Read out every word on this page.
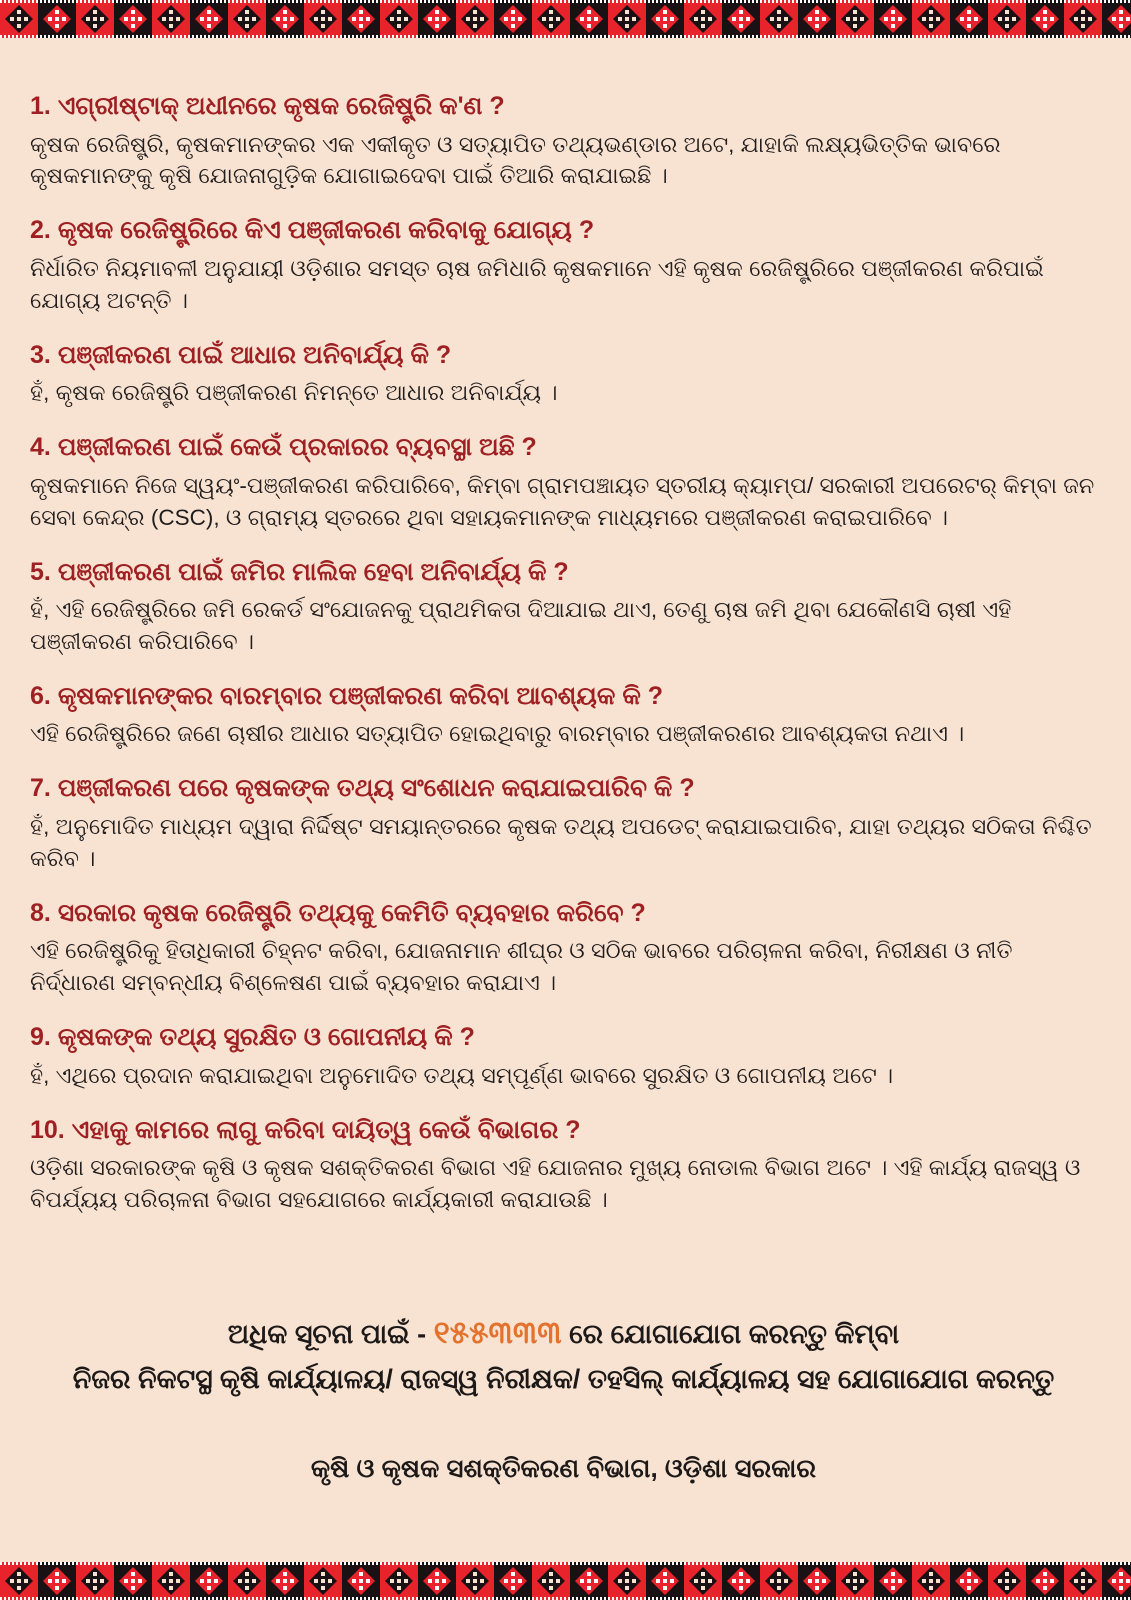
1. ଏଗ୍ରୀଷ୍ଟାକ୍ ଅଧୀନରେ କୃଷକ ରେଜିଷ୍ଟ୍ରି କ'ଣ ?

କୃଷକ ରେଜିଷ୍ଟ୍ରି, କୃଷକମାନଙ୍କର ଏକ ଏକୀକୃତ ଓ ସତ୍ୟାପିତ ତଥ୍ୟଭଣ୍ଡାର ଅଟେ, ଯାହାକି ଲକ୍ଷ୍ୟଭିତ୍ତିକ ଭାବରେ କୃଷକମାନଙ୍କୁ କୃଷି ଯୋଜନାଗୁଡ଼ିକ ଯୋଗାଇଦେବା ପାଇଁ ତିଆରି କରାଯାଇଛି ।

2. କୃଷକ ରେଜିଷ୍ଟ୍ରିରେ କିଏ ପଞ୍ଜୀକରଣ କରିବାକୁ ଯୋଗ୍ୟ ?

ନିର୍ଧାରିତ ନିୟମାବଳୀ ଅନୁଯାୟୀ ଓଡ଼ିଶାର ସମସ୍ତ ଚାଷ ଜମିଧାରି କୃଷକମାନେ ଏହି କୃଷକ ରେଜିଷ୍ଟ୍ରିରେ ପଞ୍ଜୀକରଣ କରିପାଇଁ ଯୋଗ୍ୟ ଅଟନ୍ତି ।

3. ପଞ୍ଜୀକରଣ ପାଇଁ ଆଧାର ଅନିବାର୍ଯ୍ୟ କି ?

ହଁ, କୃଷକ ରେଜିଷ୍ଟ୍ରି ପଞ୍ଜୀକରଣ ନିମନ୍ତେ ଆଧାର ଅନିବାର୍ଯ୍ୟ ।

4. ପଞ୍ଜୀକରଣ ପାଇଁ କେଉଁ ପ୍ରକାରର ବ୍ୟବସ୍ଥା ଅଛି ?

କୃଷକମାନେ ନିଜେ ସ୍ୱୟଂ-ପଞ୍ଜୀକରଣ କରିପାରିବେ, କିମ୍ବା ଗ୍ରାମପଞ୍ଚାୟତ ସ୍ତରୀୟ କ୍ୟାମ୍ପ/ ସରକାରୀ ଅପରେଟର୍ କିମ୍ବା ଜନ ସେବା କେନ୍ଦ୍ର (CSC), ଓ ଗ୍ରାମ୍ୟ ସ୍ତରରେ ଥିବା ସହାୟକମାନଙ୍କ ମାଧ୍ୟମରେ ପଞ୍ଜୀକରଣ କରାଇପାରିବେ ।

5. ପଞ୍ଜୀକରଣ ପାଇଁ ଜମିର ମାଲିକ ହେବା ଅନିବାର୍ଯ୍ୟ କି ?

ହଁ, ଏହି ରେଜିଷ୍ଟ୍ରିରେ ଜମି ରେକର୍ଡ ସଂଯୋଜନକୁ ପ୍ରାଥମିକତା ଦିଆଯାଇ ଥାଏ, ତେଣୁ ଚାଷ ଜମି ଥିବା ଯେକୌଣସି ଚାଷୀ ଏହି ପଞ୍ଜୀକରଣ କରିପାରିବେ ।

6. କୃଷକମାନଙ୍କର ବାରମ୍ବାର ପଞ୍ଜୀକରଣ କରିବା ଆବଶ୍ୟକ କି ?

ଏହି ରେଜିଷ୍ଟ୍ରିରେ ଜଣେ ଚାଷୀର ଆଧାର ସତ୍ୟାପିତ ହୋଇଥିବାରୁ ବାରମ୍ବାର ପଞ୍ଜୀକରଣର ଆବଶ୍ୟକତା ନଥାଏ ।

7. ପଞ୍ଜୀକରଣ ପରେ କୃଷକଙ୍କ ତଥ୍ୟ ସଂଶୋଧନ କରାଯାଇପାରିବ କି ?

ହଁ, ଅନୁମୋଦିତ ମାଧ୍ୟମ ଦ୍ୱାରା ନିର୍ଦ୍ଦିଷ୍ଟ ସମୟାନ୍ତରରେ କୃଷକ ତଥ୍ୟ ଅପଡେଟ୍ କରାଯାଇପାରିବ, ଯାହା ତଥ୍ୟର ସଠିକତା ନିଶ୍ଚିତ କରିବ ।

8. ସରକାର କୃଷକ ରେଜିଷ୍ଟ୍ରି ତଥ୍ୟକୁ କେମିତି ବ୍ୟବହାର କରିବେ ?

ଏହି ରେଜିଷ୍ଟ୍ରିକୁ ହିତାଧିକାରୀ ଚିହ୍ନଟ କରିବା, ଯୋଜନାମାନ ଶୀଘ୍ର ଓ ସଠିକ ଭାବରେ ପରିଚାଳନା କରିବା, ନିରୀକ୍ଷଣ ଓ ନୀତି ନିର୍ଦ୍ଧାରଣ ସମ୍ବନ୍ଧୀୟ ବିଶ୍ଳେଷଣ ପାଇଁ ବ୍ୟବହାର କରାଯାଏ ।

9. କୃଷକଙ୍କ ତଥ୍ୟ ସୁରକ୍ଷିତ ଓ ଗୋପନୀୟ କି ?

ହଁ, ଏଥିରେ ପ୍ରଦାନ କରାଯାଇଥିବା ଅନୁମୋଦିତ ତଥ୍ୟ ସମ୍ପୂର୍ଣ୍ଣ ଭାବରେ ସୁରକ୍ଷିତ ଓ ଗୋପନୀୟ ଅଟେ ।

10. ଏହାକୁ କାମରେ ଲାଗୁ କରିବା ଦାୟିତ୍ୱ କେଉଁ ବିଭାଗର ?

ଓଡ଼ିଶା ସରକାରଙ୍କ କୃଷି ଓ କୃଷକ ସଶକ୍ତିକରଣ ବିଭାଗ ଏହି ଯୋଜନାର ମୁଖ୍ୟ ନୋଡାଲ ବିଭାଗ ଅଟେ । ଏହି କାର୍ଯ୍ୟ ରାଜସ୍ୱ ଓ ବିପର୍ଯ୍ୟୟ ପରିଚାଳନା ବିଭାଗ ସହଯୋଗରେ କାର୍ଯ୍ୟକାରୀ କରାଯାଉଛି ।

ଅଧିକ ସୂଚନା ପାଇଁ - ୧୫୫୩୩୩ ରେ ଯୋଗାଯୋଗ କରନ୍ତୁ କିମ୍ବା
ନିଜର ନିକଟସ୍ଥ କୃଷି କାର୍ଯ୍ୟାଳୟ/ ରାଜସ୍ୱ ନିରୀକ୍ଷକ/ ତହସିଲ୍ କାର୍ଯ୍ୟାଳୟ ସହ ଯୋଗାଯୋଗ କରନ୍ତୁ

କୃଷି ଓ କୃଷକ ସଶକ୍ତିକରଣ ବିଭାଗ, ଓଡ଼ିଶା ସରକାର
